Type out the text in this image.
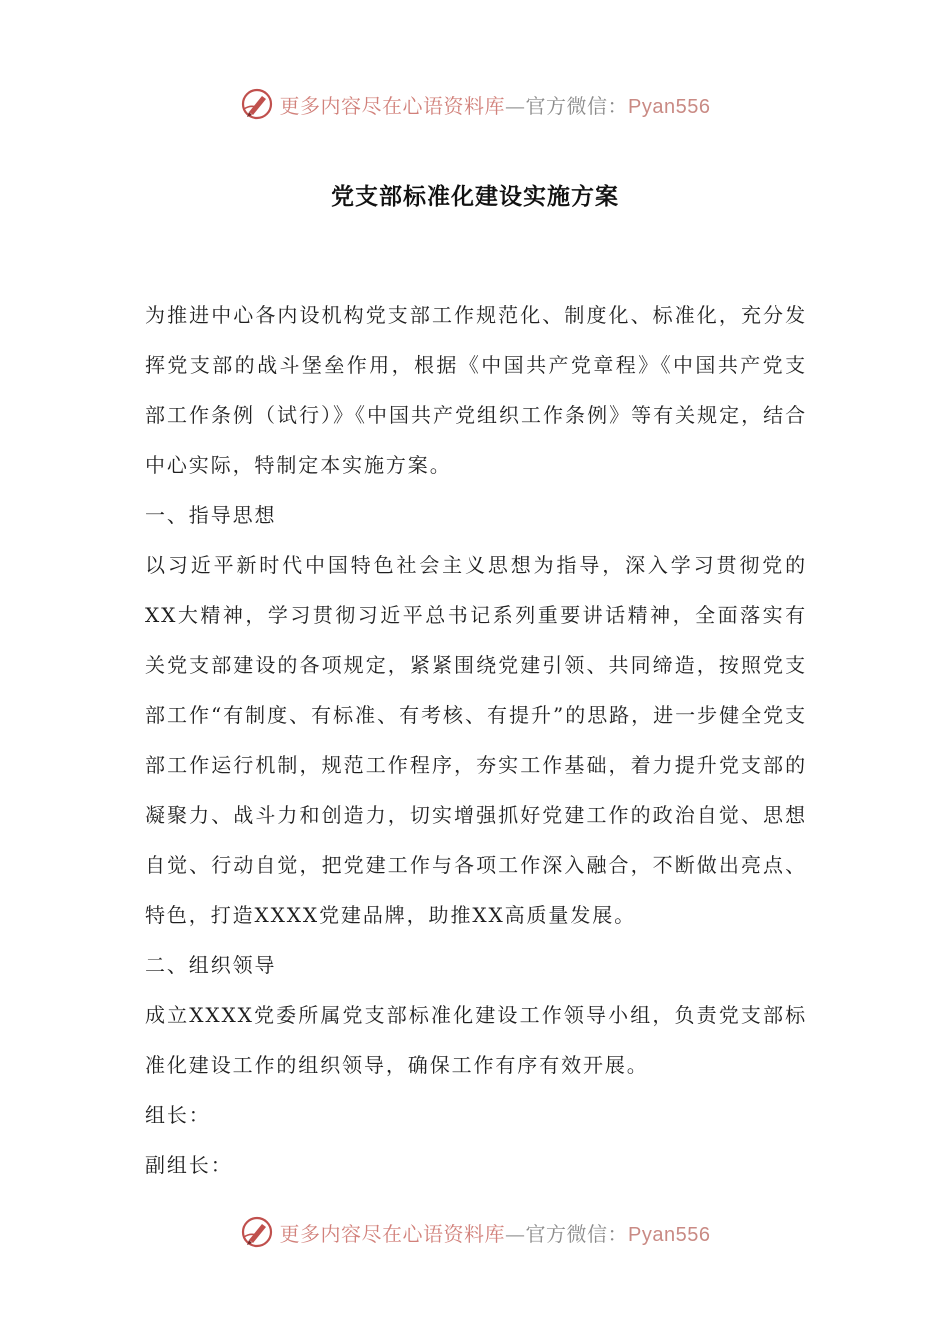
更多内容尽在心语资料库—官方微信：Pyan556
党支部标准化建设实施方案

为推进中心各内设机构党支部工作规范化、制度化、标准化，充分发挥党支部的战斗堡垒作用，根据《中国共产党章程》《中国共产党支部工作条例（试行）》《中国共产党组织工作条例》等有关规定，结合中心实际，特制定本实施方案。

一、指导思想

以习近平新时代中国特色社会主义思想为指导，深入学习贯彻党的XX大精神，学习贯彻习近平总书记系列重要讲话精神，全面落实有关党支部建设的各项规定，紧紧围绕党建引领、共同缔造，按照党支部工作“有制度、有标准、有考核、有提升”的思路，进一步健全党支部工作运行机制，规范工作程序，夯实工作基础，着力提升党支部的凝聚力、战斗力和创造力，切实增强抓好党建工作的政治自觉、思想自觉、行动自觉，把党建工作与各项工作深入融合，不断做出亮点、特色，打造XXXX党建品牌，助推XX高质量发展。

二、组织领导

成立XXXX党委所属党支部标准化建设工作领导小组，负责党支部标准化建设工作的组织领导，确保工作有序有效开展。

组长：

副组长：

更多内容尽在心语资料库—官方微信：Pyan556
